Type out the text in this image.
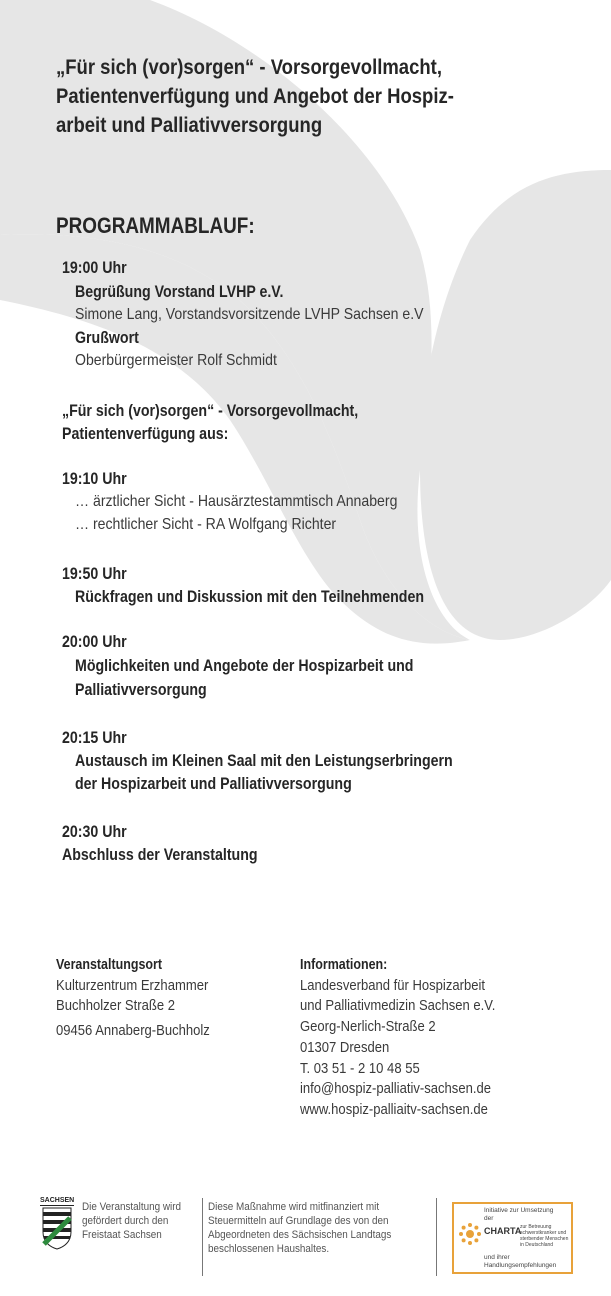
„Für sich (vor)sorgen“ - Vorsorgevollmacht,
Patientenverfügung und Angebot der Hospiz-
arbeit und Palliativversorgung
PROGRAMMABLAUF:
19:00 Uhr
Begrüßung Vorstand LVHP e.V.
Simone Lang, Vorstandsvorsitzende LVHP Sachsen e.V
Grußwort
Oberbürgermeister Rolf Schmidt
„Für sich (vor)sorgen“ - Vorsorgevollmacht,
Patientenverfügung aus:
19:10 Uhr
… ärztlicher Sicht - Hausärztestammtisch Annaberg
… rechtlicher Sicht - RA Wolfgang Richter
19:50 Uhr
Rückfragen und Diskussion mit den Teilnehmenden
20:00 Uhr
Möglichkeiten und Angebote der Hospizarbeit und
Palliativversorgung
20:15 Uhr
Austausch im Kleinen Saal mit den Leistungserbringern
der Hospizarbeit und Palliativversorgung
20:30 Uhr
Abschluss der Veranstaltung
Veranstaltungsort
Kulturzentrum Erzhammer
Buchholzer Straße 2
09456 Annaberg-Buchholz
Informationen:
Landesverband für Hospizarbeit
und Palliativmedizin Sachsen e.V.
Georg-Nerlich-Straße 2
01307 Dresden
T. 03 51 - 2 10 48 55
info@hospiz-palliativ-sachsen.de
www.hospiz-palliaitv-sachsen.de
SACHSEN
Die Veranstaltung wird gefördert durch den Freistaat Sachsen
Diese Maßnahme wird mitfinanziert mit Steuermitteln auf Grundlage des von den Abgeordneten des Sächsischen Landtags beschlossenen Haushaltes.
Initiative zur Umsetzung der
CHARTA
zur Betreuung schwerstkranker und sterbender Menschen in Deutschland
und ihrer Handlungsempfehlungen
